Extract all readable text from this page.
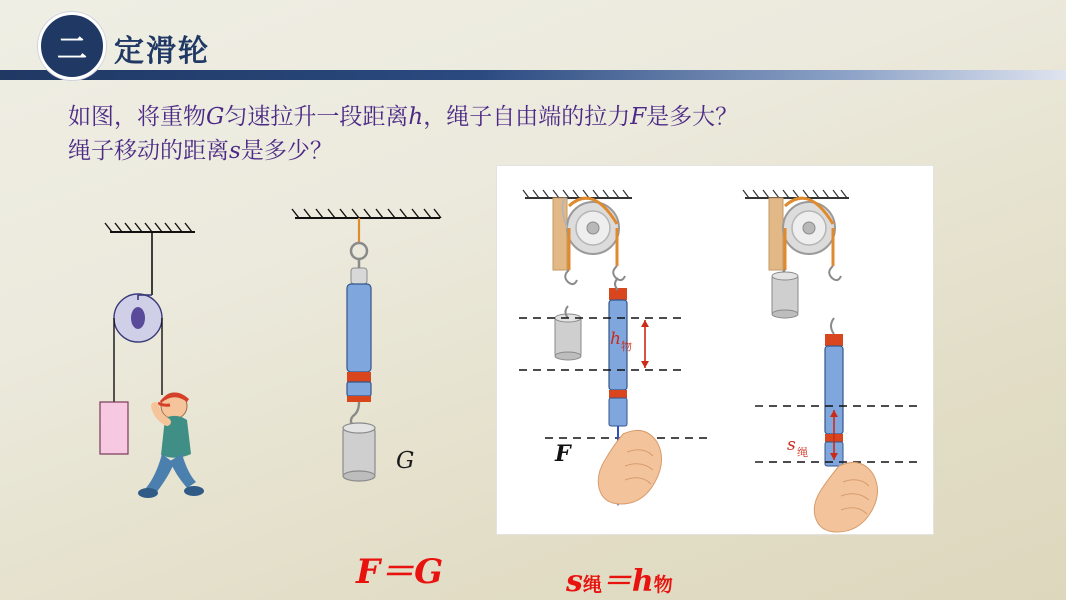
二 定滑轮
如图，将重物G匀速拉升一段距离h，绳子自由端的拉力F是多大？
绳子移动的距离s是多少？
G
h 物
F	s 绳
F＝G	s绳＝h物
